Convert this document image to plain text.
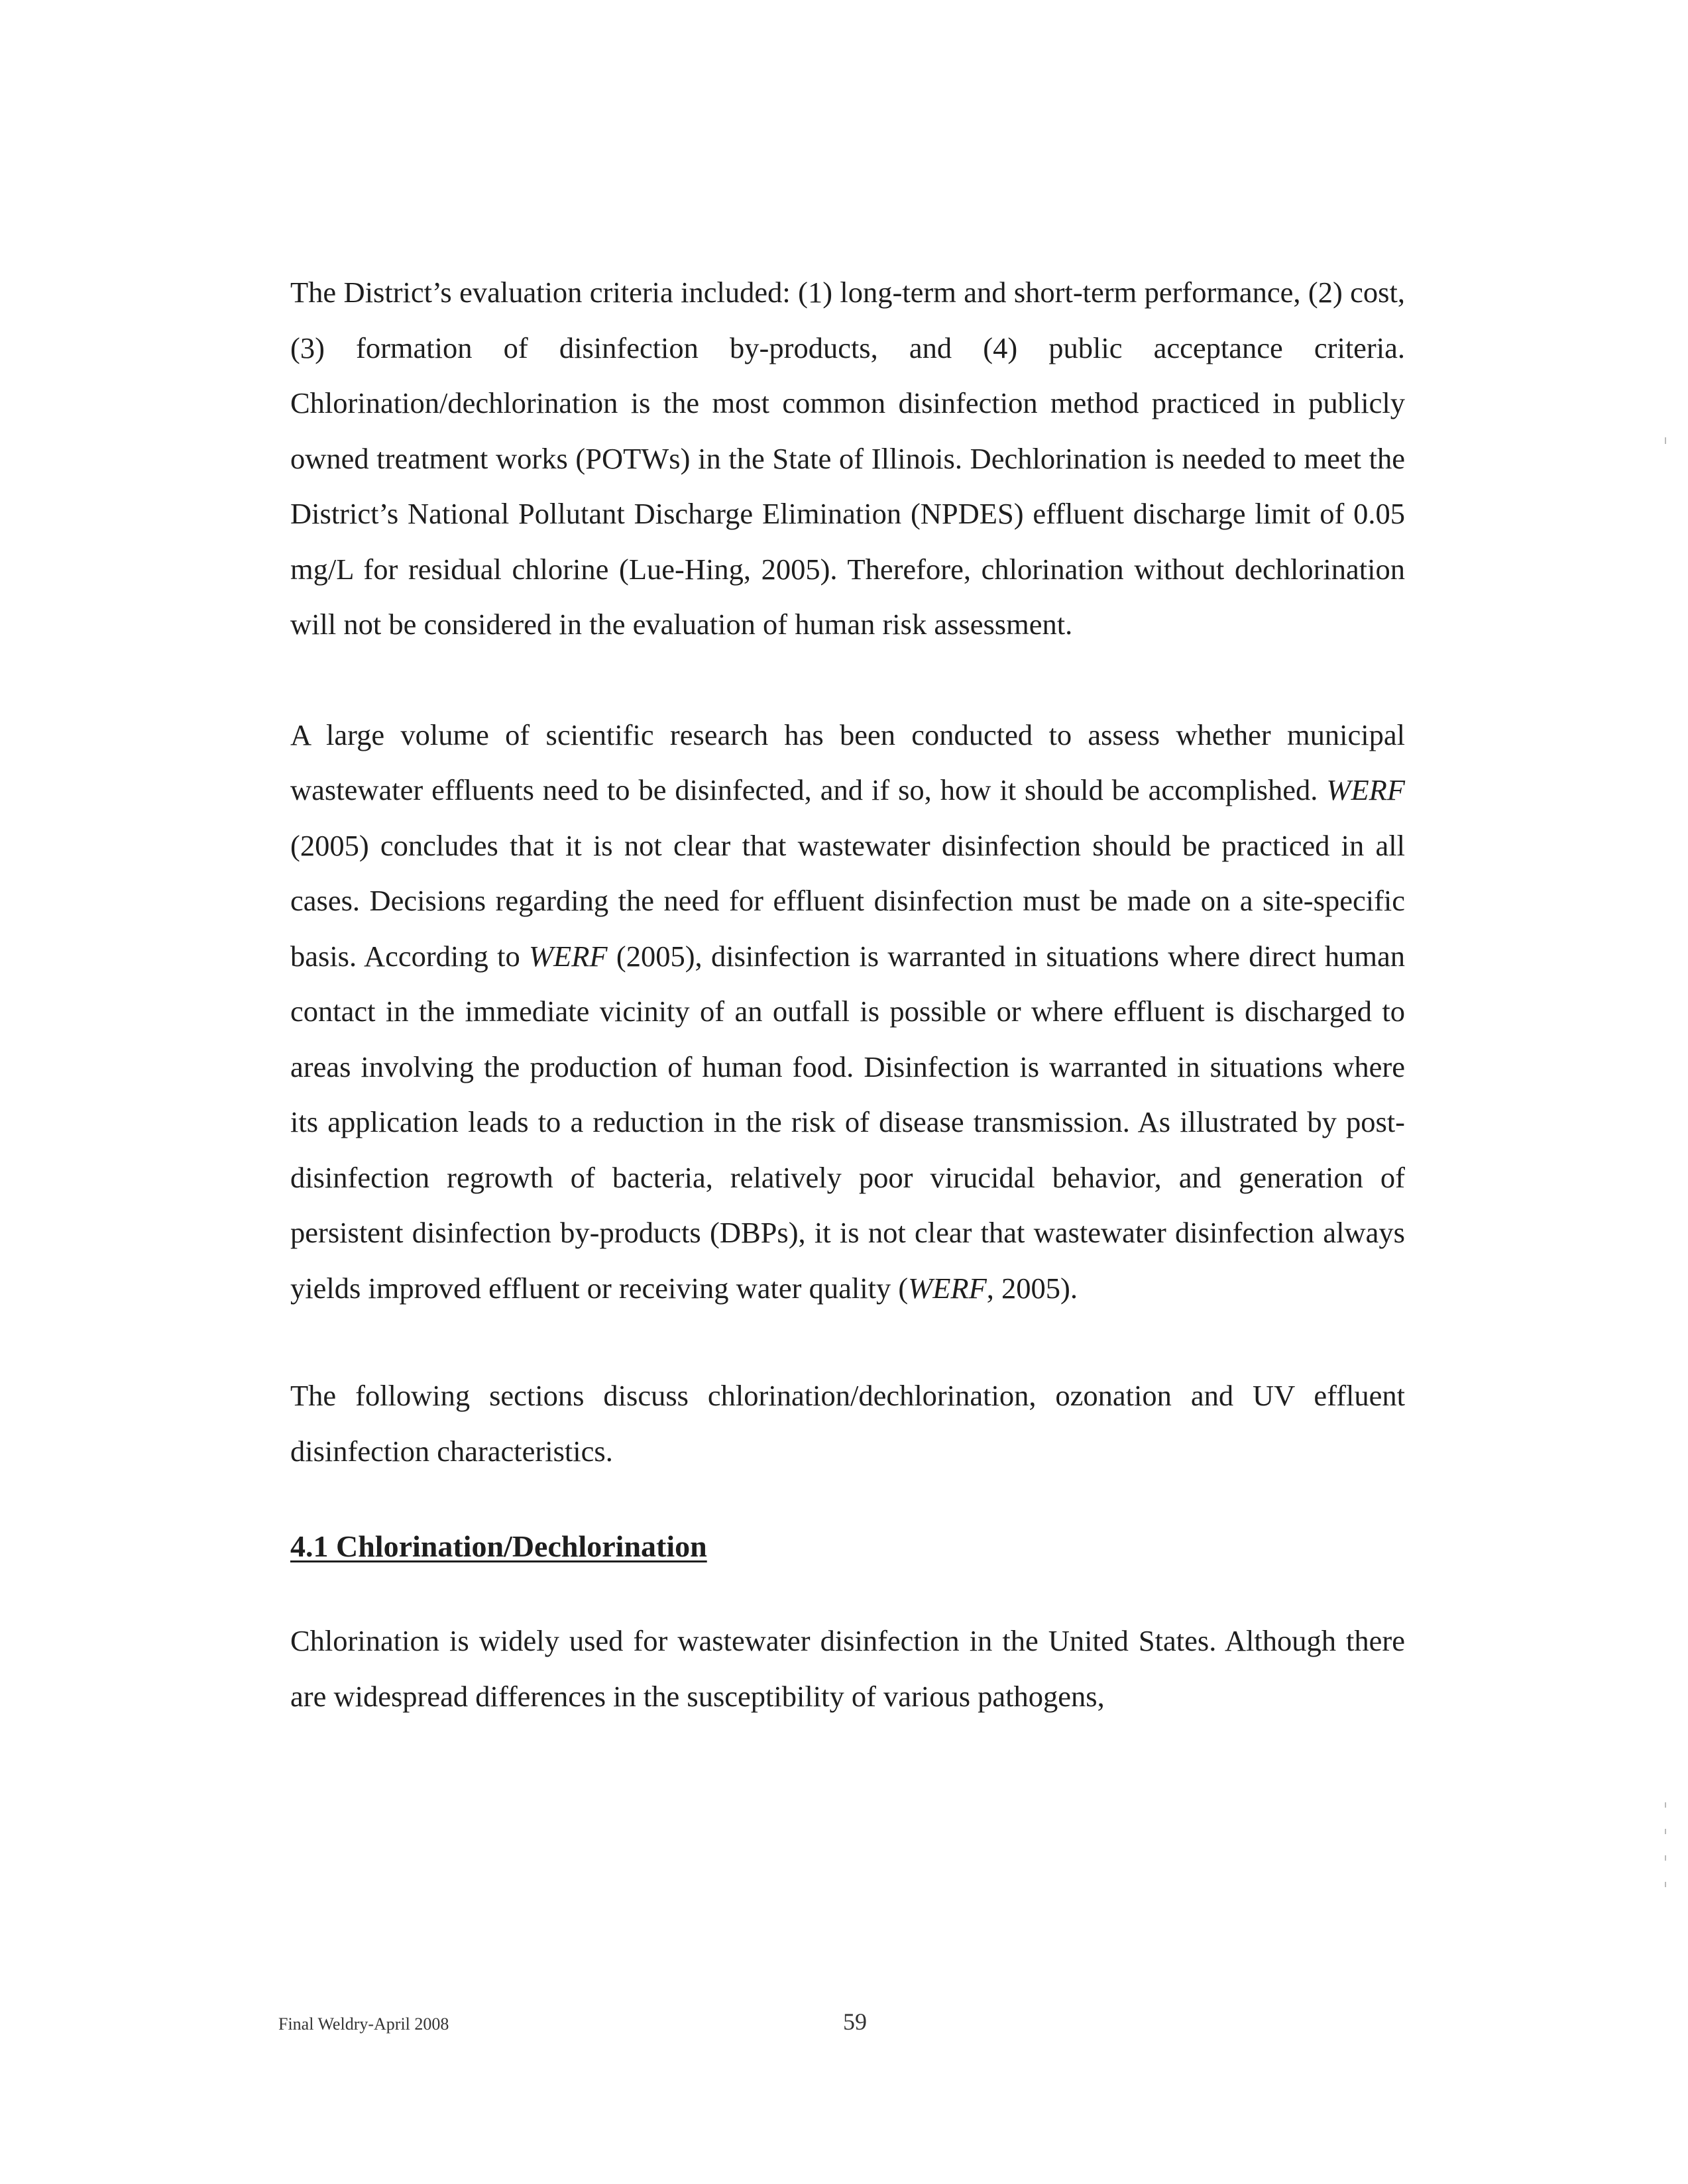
The District’s evaluation criteria included: (1) long-term and short-term performance, (2) cost, (3) formation of disinfection by-products, and (4) public acceptance criteria. Chlorination/dechlorination is the most common disinfection method practiced in publicly owned treatment works (POTWs) in the State of Illinois. Dechlorination is needed to meet the District’s National Pollutant Discharge Elimination (NPDES) effluent discharge limit of 0.05 mg/L for residual chlorine (Lue-Hing, 2005). Therefore, chlorination without dechlorination will not be considered in the evaluation of human risk assessment.

A large volume of scientific research has been conducted to assess whether municipal wastewater effluents need to be disinfected, and if so, how it should be accomplished. WERF (2005) concludes that it is not clear that wastewater disinfection should be practiced in all cases. Decisions regarding the need for effluent disinfection must be made on a site-specific basis. According to WERF (2005), disinfection is warranted in situations where direct human contact in the immediate vicinity of an outfall is possible or where effluent is discharged to areas involving the production of human food. Disinfection is warranted in situations where its application leads to a reduction in the risk of disease transmission. As illustrated by post-disinfection regrowth of bacteria, relatively poor virucidal behavior, and generation of persistent disinfection by-products (DBPs), it is not clear that wastewater disinfection always yields improved effluent or receiving water quality (WERF, 2005).

The following sections discuss chlorination/dechlorination, ozonation and UV effluent disinfection characteristics.

4.1 Chlorination/Dechlorination

Chlorination is widely used for wastewater disinfection in the United States. Although there are widespread differences in the susceptibility of various pathogens,

Final Weldry-April 2008	59
